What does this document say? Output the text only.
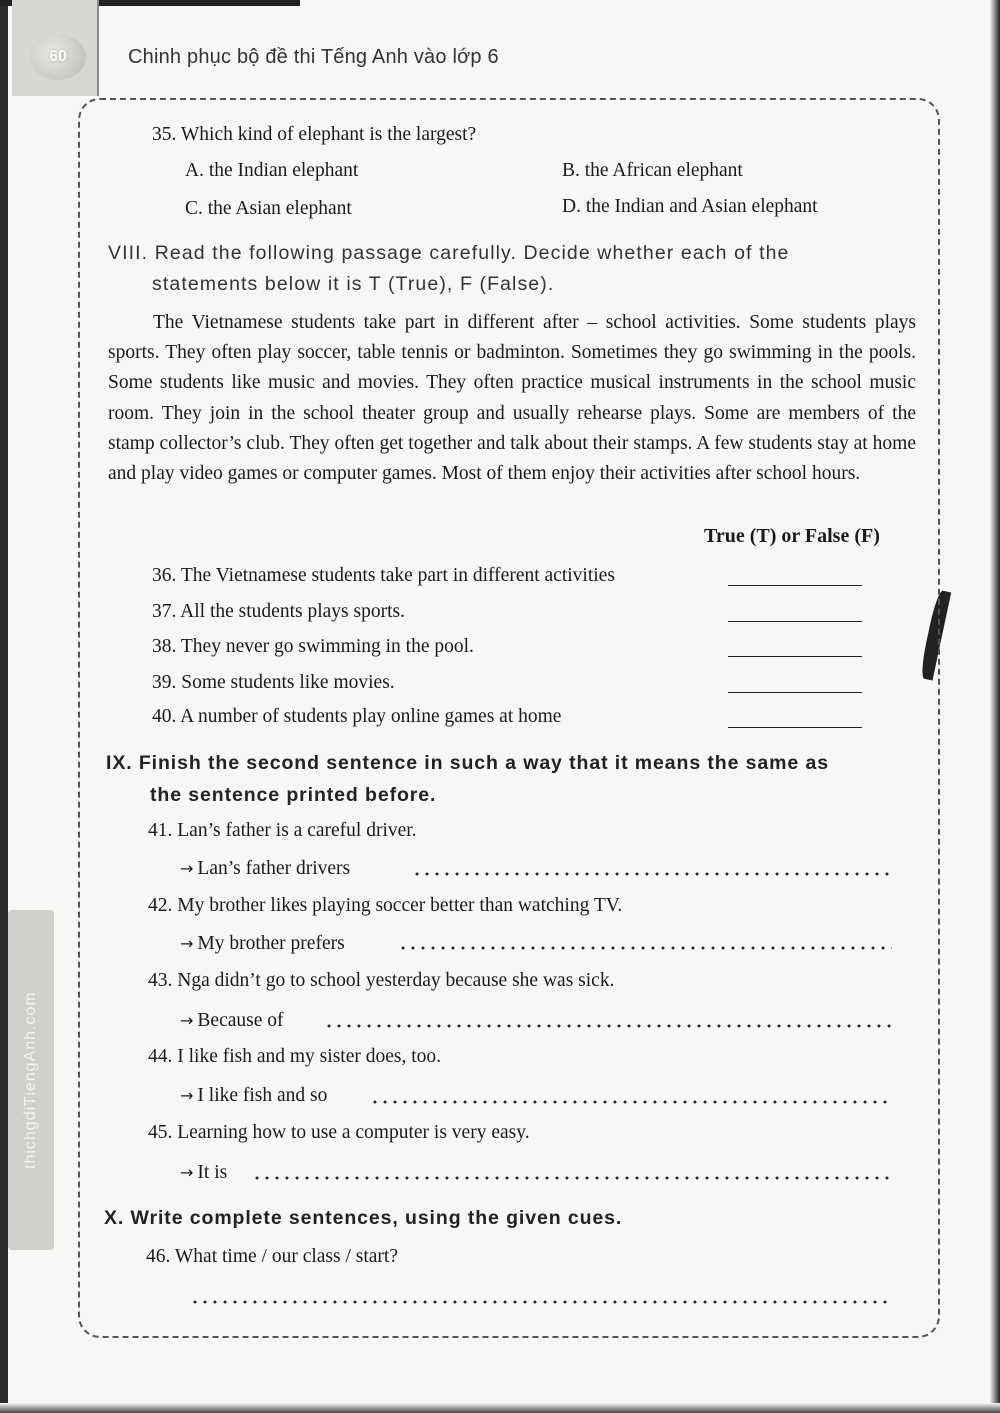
60	Chinh phục bộ đề thi Tếng Anh vào lớp 6
thichgdiTiengAnh.com
35. Which kind of elephant is the largest?
A. the Indian elephant	B. the African elephant
C. the Asian elephant	D. the Indian and Asian elephant
VIII. Read the following passage carefully. Decide whether each of the
statements below it is T (True), F (False).
The Vietnamese students take part in different after – school activities. Some students plays sports. They often play soccer, table tennis or badminton. Sometimes they go swimming in the pools. Some students like music and movies. They often practice musical instruments in the school music room. They join in the school theater group and usually rehearse plays. Some are members of the stamp collector’s club. They often get together and talk about their stamps. A few students stay at home and play video games or computer games. Most of them enjoy their activities after school hours.
True (T) or False (F)
36. The Vietnamese students take part in different activities
37. All the students plays sports.
38. They never go swimming in the pool.
39. Some students like movies.
40. A number of students play online games at home
IX. Finish the second sentence in such a way that it means the same as
the sentence printed before.
41. Lan’s father is a careful driver.
→ Lan’s father drivers
42. My brother likes playing soccer better than watching TV.
→ My brother prefers
43. Nga didn’t go to school yesterday because she was sick.
→ Because of
44. I like fish and my sister does, too.
→ I like fish and so
45. Learning how to use a computer is very easy.
→ It is
X. Write complete sentences, using the given cues.
46. What time / our class / start?
